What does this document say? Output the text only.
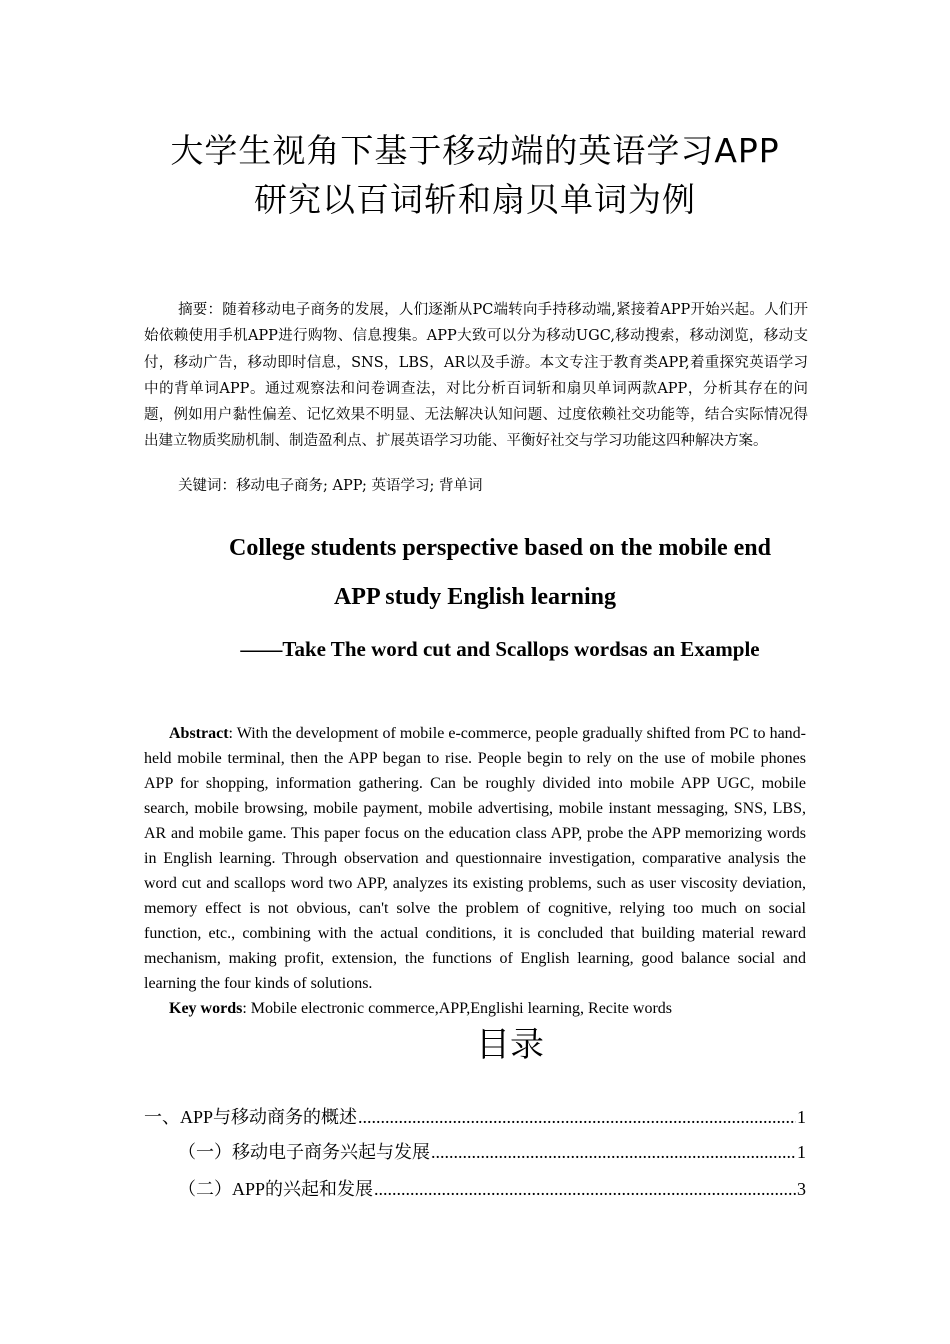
大学生视角下基于移动端的英语学习APP
研究以百词斩和扇贝单词为例
摘要：随着移动电子商务的发展，人们逐渐从PC端转向手持移动端,紧接着APP开始兴起。人们开始依赖使用手机APP进行购物、信息搜集。APP大致可以分为移动UGC,移动搜索，移动浏览，移动支付，移动广告，移动即时信息，SNS，LBS，AR以及手游。本文专注于教育类APP,着重探究英语学习中的背单词APP。通过观察法和问卷调查法，对比分析百词斩和扇贝单词两款APP，分析其存在的问题，例如用户黏性偏差、记忆效果不明显、无法解决认知问题、过度依赖社交功能等，结合实际情况得出建立物质奖励机制、制造盈利点、扩展英语学习功能、平衡好社交与学习功能这四种解决方案。
关键词：移动电子商务; APP; 英语学习; 背单词
College students perspective based on the mobile end
APP study English learning
——Take The word cut and Scallops wordsas an Example
Abstract: With the development of mobile e-commerce, people gradually shifted from PC to hand-held mobile terminal, then the APP began to rise. People begin to rely on the use of mobile phones APP for shopping, information gathering. Can be roughly divided into mobile APP UGC, mobile search, mobile browsing, mobile payment, mobile advertising, mobile instant messaging, SNS, LBS, AR and mobile game. This paper focus on the education class APP, probe the APP memorizing words in English learning. Through observation and questionnaire investigation, comparative analysis the word cut and scallops word two APP, analyzes its existing problems, such as user viscosity deviation, memory effect is not obvious, can't solve the problem of cognitive, relying too much on social function, etc., combining with the actual conditions, it is concluded that building material reward mechanism, making profit, extension, the functions of English learning, good balance social and learning the four kinds of solutions.
Key words: Mobile electronic commerce,APP,Englishi learning, Recite words
目录
一、APP与移动商务的概述 .....	1
（一）移动电子商务兴起与发展 .....	1
（二）APP的兴起和发展 .....	3
